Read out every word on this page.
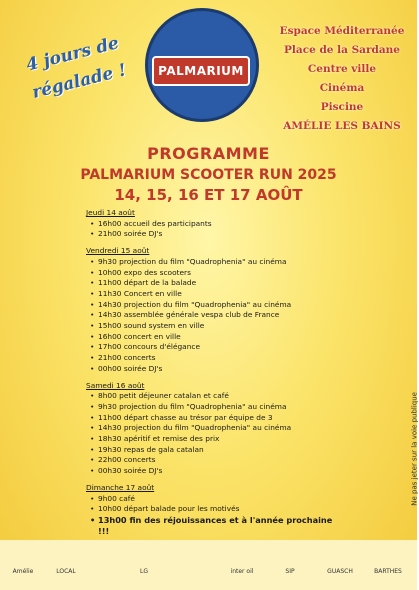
4 jours de régalade !	PALMARIUM
Espace Méditerranée
Place de la Sardane
Centre ville
Cinéma
Piscine
AMÉLIE LES BAINS
PROGRAMME
PALMARIUM SCOOTER RUN 2025
14, 15, 16 ET 17 AOÛT
Jeudi 14 août
• 16h00 accueil des participants
• 21h00 soirée DJ's
Vendredi 15 août
• 9h30 projection du film "Quadrophenia" au cinéma
• 10h00 expo des scooters
• 11h00 départ de la balade
• 11h30 Concert en ville
• 14h30 projection du film "Quadrophenia" au cinéma
• 14h30 assemblée générale vespa club de France
• 15h00 sound system en ville
• 16h00 concert en ville
• 17h00 concours d'élégance
• 21h00 concerts
• 00h00 soirée DJ's
Samedi 16 août
• 8h00 petit déjeuner catalan et café
• 9h30 projection du film "Quadrophenia" au cinéma
• 11h00 départ chasse au trésor par équipe de 3
• 14h30 projection du film "Quadrophenia" au cinéma
• 18h30 apéritif et remise des prix
• 19h30 repas de gala catalan
• 22h00 concerts
• 00h30 soirée DJ's
Dimanche 17 août
• 9h00 café
• 10h00 départ balade pour les motivés
• 13h00 fin des réjouissances et à l'année prochaine !!!
Ne pas jeter sur la voie publique
Amélie	LOCAL	LG	inter oil	SIP	GUASCH	BARTHES
